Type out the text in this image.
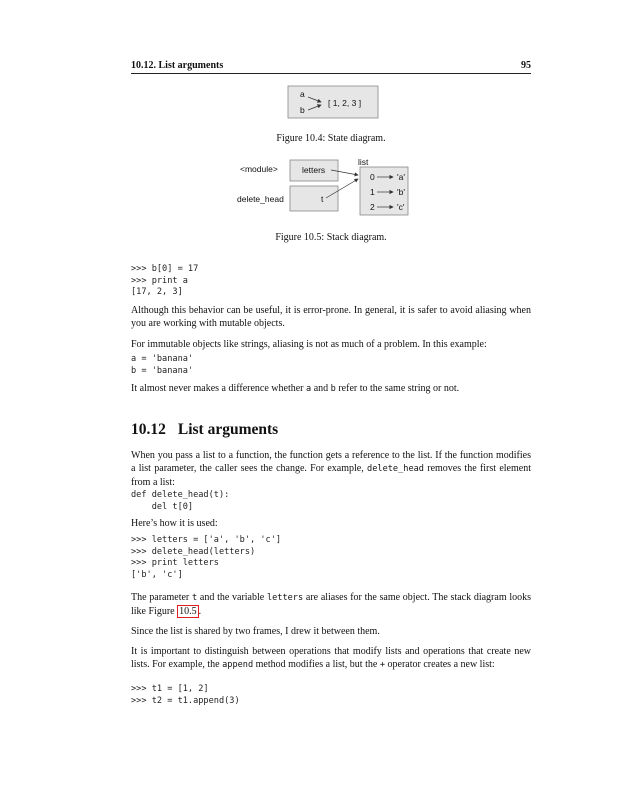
10.12. List arguments	95
a
b
[ 1, 2, 3 ]
Figure 10.4: State diagram.
<module>	letters
delete_head	t
list
0	'a'
1	'b'
2	'c'
Figure 10.5: Stack diagram.
>>> b[0] = 17
>>> print a
[17, 2, 3]
Although this behavior can be useful, it is error-prone. In general, it is safer to avoid aliasing when you are working with mutable objects.
For immutable objects like strings, aliasing is not as much of a problem. In this example:
a = 'banana'
b = 'banana'
It almost never makes a difference whether a and b refer to the same string or not.
10.12 List arguments
When you pass a list to a function, the function gets a reference to the list. If the function modifies a list parameter, the caller sees the change. For example, delete_head removes the first element from a list:
def delete_head(t):
del t[0]
Here’s how it is used:
>>> letters = ['a', 'b', 'c']
>>> delete_head(letters)
>>> print letters
['b', 'c']
The parameter t and the variable letters are aliases for the same object. The stack diagram looks like Figure 10.5 .
Since the list is shared by two frames, I drew it between them.
It is important to distinguish between operations that modify lists and operations that create new lists. For example, the append method modifies a list, but the + operator creates a new list:
>>> t1 = [1, 2]
>>> t2 = t1.append(3)
